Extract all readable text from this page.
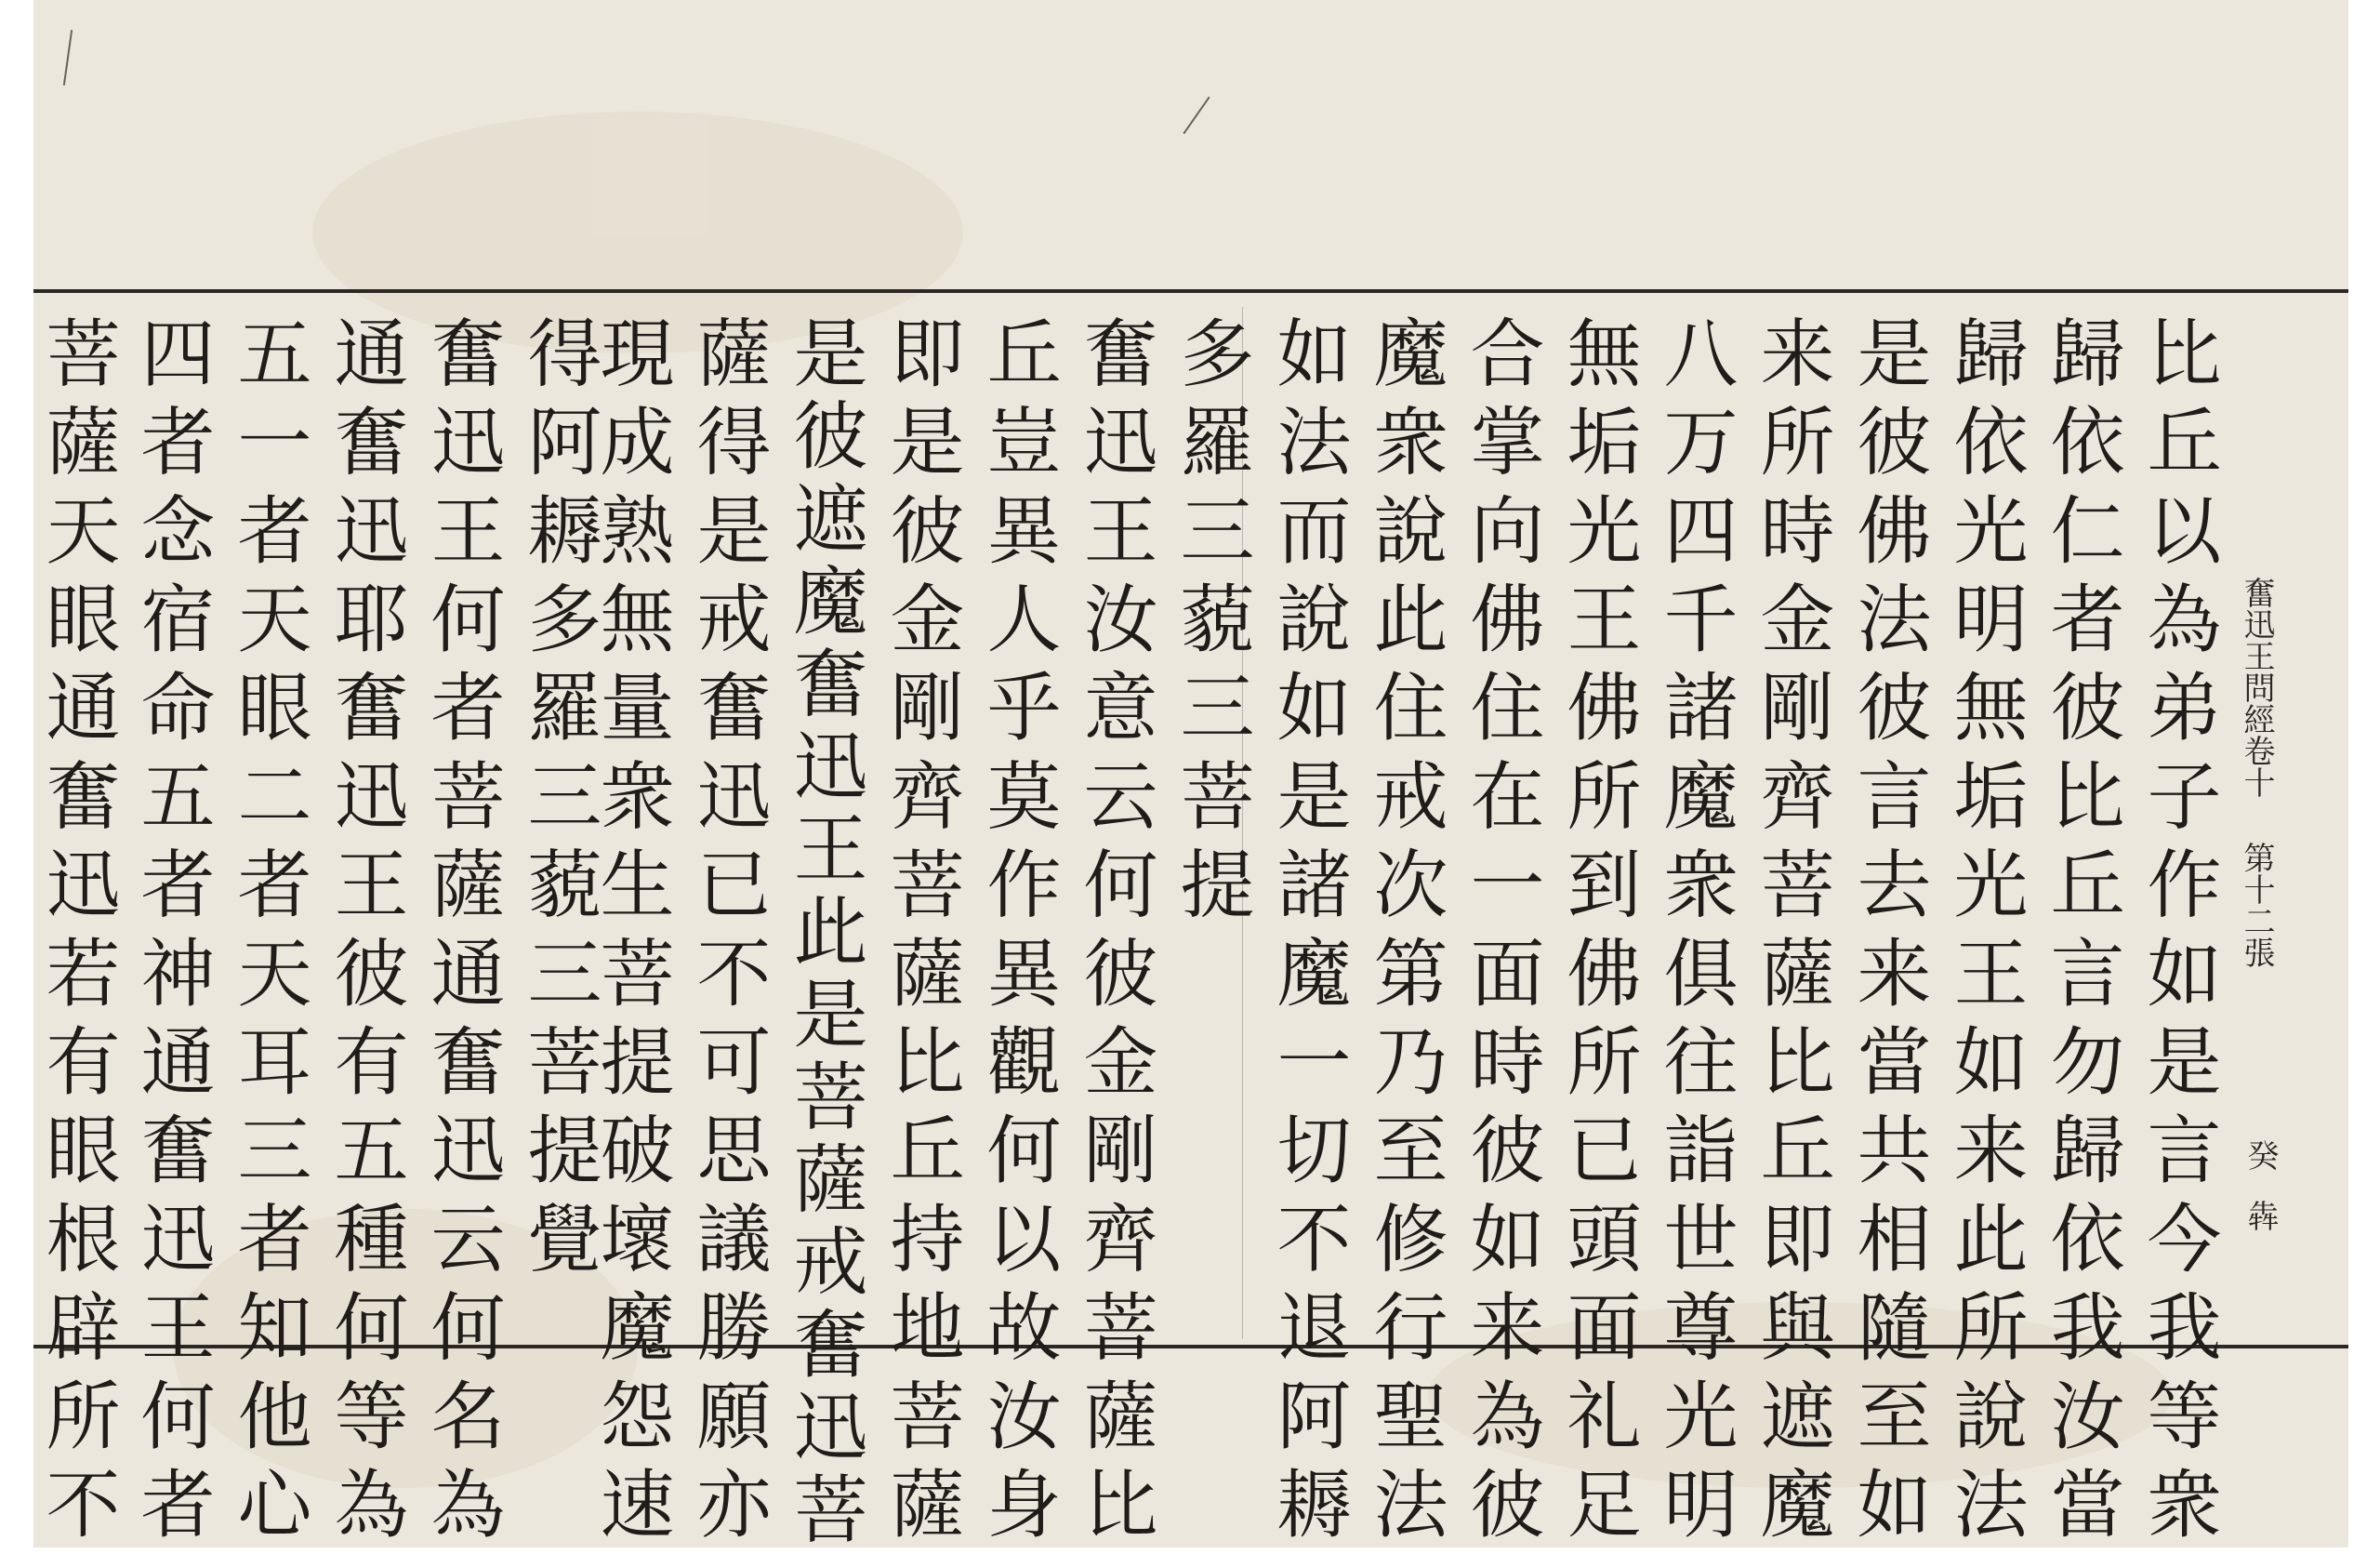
奮迅王問經卷十
第十二張
癸
犇
比丘以為弟子作如是言今我等衆
歸依仁者彼比丘言勿歸依我汝當
歸依光明無垢光王如来此所說法
是彼佛法彼言去来當共相隨至如
来所時金剛齊菩薩比丘即與遮魔
八万四千諸魔衆俱往詣世尊光明
無垢光王佛所到佛所已頭面礼足
合掌向佛住在一面時彼如来為彼
魔衆說此住戒次第乃至修行聖法
如法而說如是諸魔一切不退阿耨
多羅三藐三菩提
奮迅王汝意云何彼金剛齊菩薩比
丘豈異人乎莫作異觀何以故汝身
即是彼金剛齊菩薩比丘持地菩薩
是彼遮魔奮迅王此是菩薩戒奮迅菩
薩得是戒奮迅已不可思議勝願亦
現成熟無量衆生菩提破壞魔怨速
得阿耨多羅三藐三菩提覺
奮迅王何者菩薩通奮迅云何名為
通奮迅耶奮迅王彼有五種何等為
五一者天眼二者天耳三者知他心
四者念宿命五者神通奮迅王何者
菩薩天眼通奮迅若有眼根辟所不
